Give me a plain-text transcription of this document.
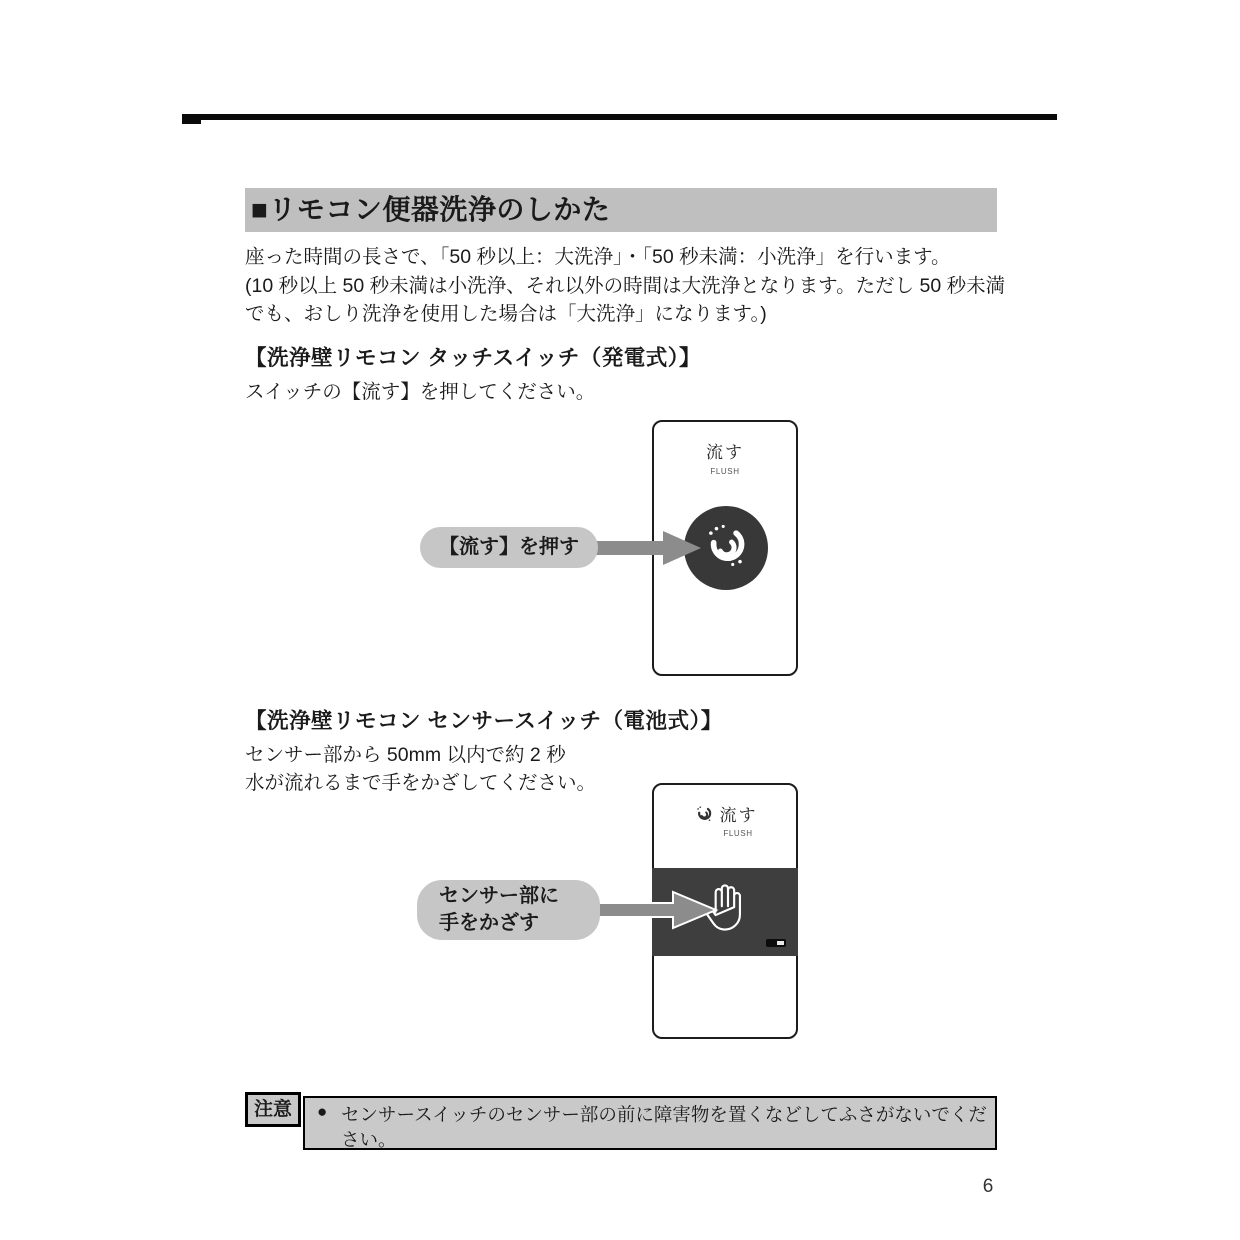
■リモコン便器洗浄のしかた
座った時間の長さで、「50 秒以上：大洗浄」・「50 秒未満：小洗浄」を行います。
(10 秒以上 50 秒未満は小洗浄、それ以外の時間は大洗浄となります。ただし 50 秒未満
でも、おしり洗浄を使用した場合は「大洗浄」になります。)
【洗浄壁リモコン タッチスイッチ（発電式）】
スイッチの【流す】を押してください。
流す
FLUSH
【流す】を押す
【洗浄壁リモコン センサースイッチ（電池式）】
センサー部から 50mm 以内で約 2 秒
水が流れるまで手をかざしてください。
流す
FLUSH
センサー部に
手をかざす
注意	● センサースイッチのセンサー部の前に障害物を置くなどしてふさがないでください。
6
